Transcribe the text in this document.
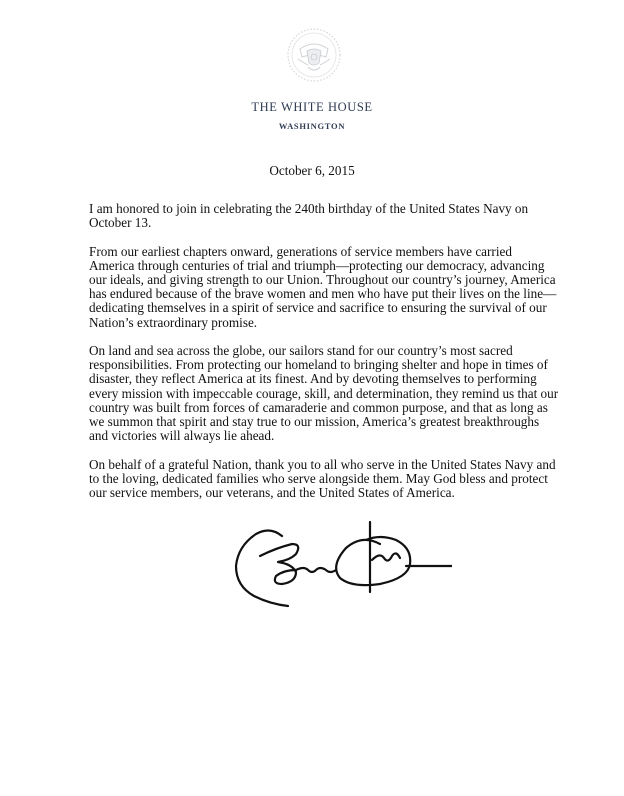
THE WHITE HOUSE
WASHINGTON
October 6, 2015

I am honored to join in celebrating the 240th birthday of the United States Navy on October 13.

From our earliest chapters onward, generations of service members have carried America through centuries of trial and triumph—protecting our democracy, advancing our ideals, and giving strength to our Union. Throughout our country’s journey, America has endured because of the brave women and men who have put their lives on the line—dedicating themselves in a spirit of service and sacrifice to ensuring the survival of our Nation’s extraordinary promise.

On land and sea across the globe, our sailors stand for our country’s most sacred responsibilities. From protecting our homeland to bringing shelter and hope in times of disaster, they reflect America at its finest. And by devoting themselves to performing every mission with impeccable courage, skill, and determination, they remind us that our country was built from forces of camaraderie and common purpose, and that as long as we summon that spirit and stay true to our mission, America’s greatest breakthroughs and victories will always lie ahead.

On behalf of a grateful Nation, thank you to all who serve in the United States Navy and to the loving, dedicated families who serve alongside them. May God bless and protect our service members, our veterans, and the United States of America.
